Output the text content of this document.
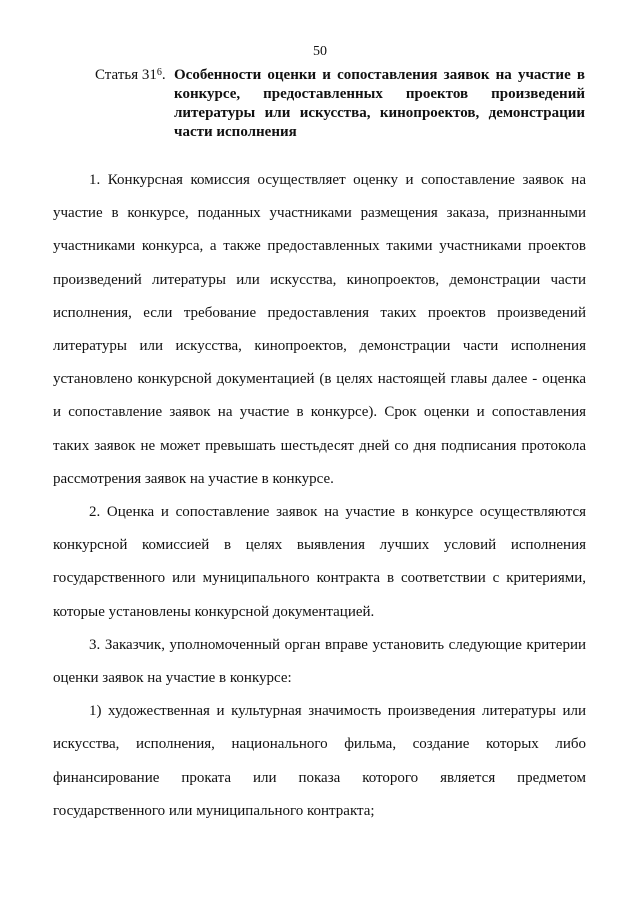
50
Статья $31^6$. Особенности оценки и сопоставления заявок на участие в конкурсе, предоставленных проектов произведений литературы или искусства, кинопроектов, демонстрации части исполнения

1. Конкурсная комиссия осуществляет оценку и сопоставление заявок на участие в конкурсе, поданных участниками размещения заказа, признанными участниками конкурса, а также предоставленных такими участниками проектов произведений литературы или искусства, кинопроектов, демонстрации части исполнения, если требование предоставления таких проектов произведений литературы или искусства, кинопроектов, демонстрации части исполнения установлено конкурсной документацией (в целях настоящей главы далее - оценка и сопоставление заявок на участие в конкурсе). Срок оценки и сопоставления таких заявок не может превышать шестьдесят дней со дня подписания протокола рассмотрения заявок на участие в конкурсе.

2. Оценка и сопоставление заявок на участие в конкурсе осуществляются конкурсной комиссией в целях выявления лучших условий исполнения государственного или муниципального контракта в соответствии с критериями, которые установлены конкурсной документацией.

3. Заказчик, уполномоченный орган вправе установить следующие критерии оценки заявок на участие в конкурсе:

1) художественная и культурная значимость произведения литературы или искусства, исполнения, национального фильма, создание которых либо финансирование проката или показа которого является предметом государственного или муниципального контракта;
